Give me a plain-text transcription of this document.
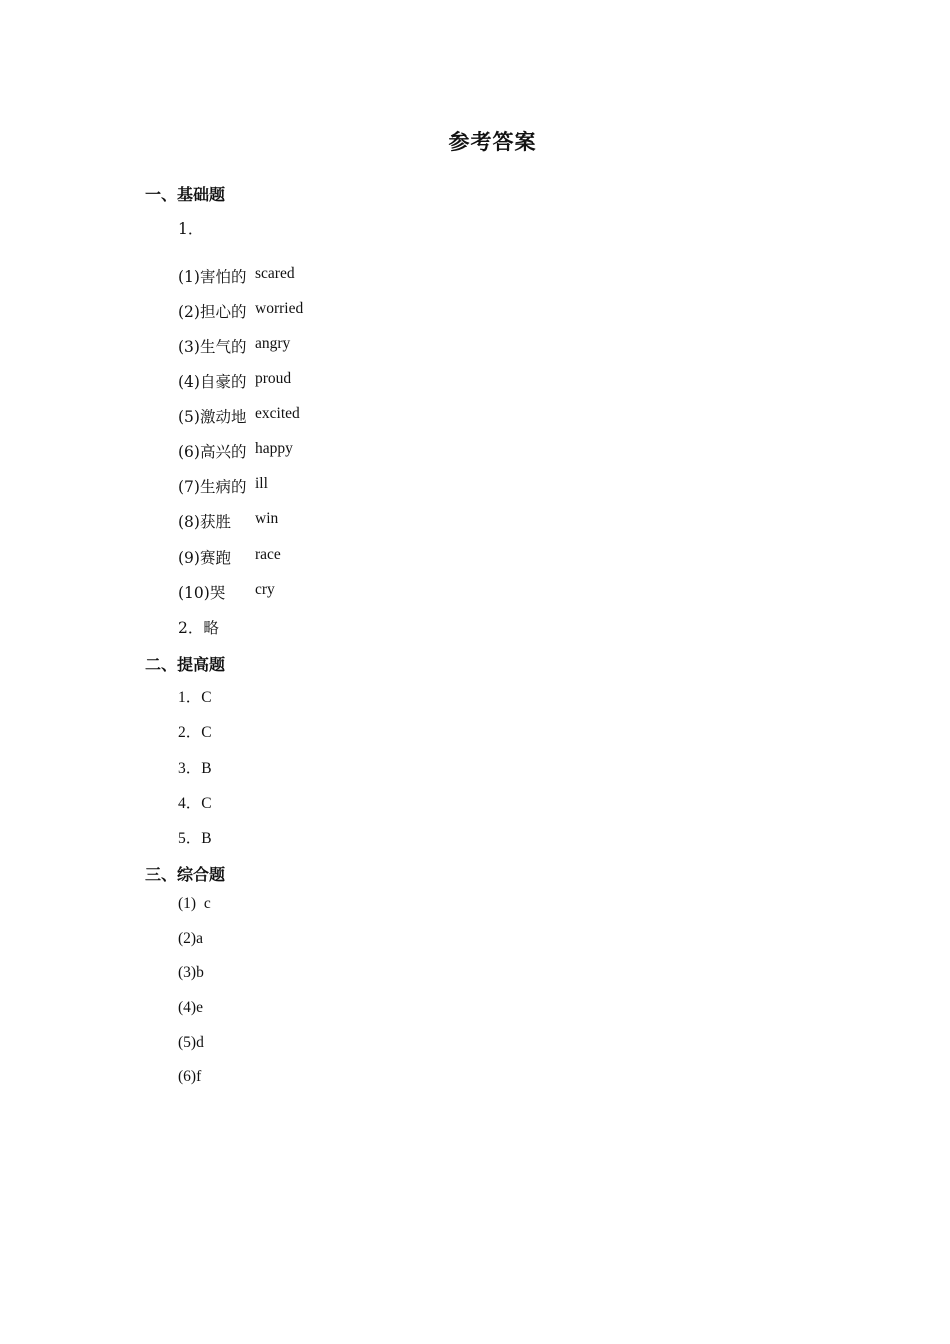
参考答案
一、基础题
1．
(1)害怕的 scared
(2)担心的 worried
(3)生气的 angry
(4)自豪的 proud
(5)激动地 excited
(6)高兴的 happy
(7)生病的 ill
(8)获胜 win
(9)赛跑 race
(10)哭 cry
2．略
二、提高题
1．C
2．C
3．B
4．C
5．B
三、综合题
(1)  c
(2)a
(3)b
(4)e
(5)d
(6)f
